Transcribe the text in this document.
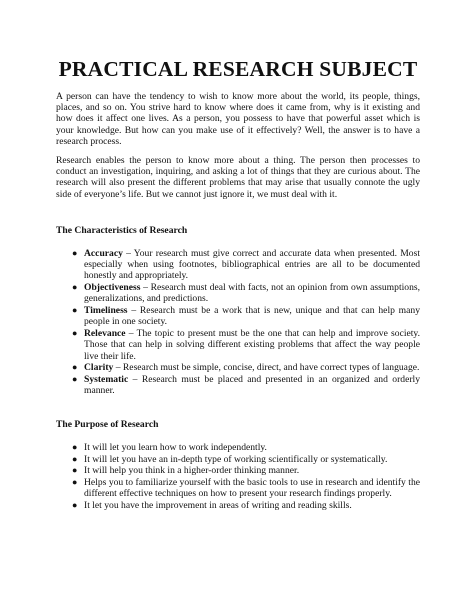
PRACTICAL RESEARCH SUBJECT

A person can have the tendency to wish to know more about the world, its people, things, places, and so on. You strive hard to know where does it came from, why is it existing and how does it affect one lives. As a person, you possess to have that powerful asset which is your knowledge. But how can you make use of it effectively? Well, the answer is to have a research process.

Research enables the person to know more about a thing. The person then processes to conduct an investigation, inquiring, and asking a lot of things that they are curious about. The research will also present the different problems that may arise that usually connote the ugly side of everyone’s life. But we cannot just ignore it, we must deal with it.

The Characteristics of Research
● Accuracy – Your research must give correct and accurate data when presented. Most especially when using footnotes, bibliographical entries are all to be documented honestly and appropriately.
● Objectiveness – Research must deal with facts, not an opinion from own assumptions, generalizations, and predictions.
● Timeliness – Research must be a work that is new, unique and that can help many people in one society.
● Relevance – The topic to present must be the one that can help and improve society. Those that can help in solving different existing problems that affect the way people live their life.
● Clarity – Research must be simple, concise, direct, and have correct types of language.
● Systematic – Research must be placed and presented in an organized and orderly manner.
The Purpose of Research
● It will let you learn how to work independently.
● It will let you have an in-depth type of working scientifically or systematically.
● It will help you think in a higher-order thinking manner.
● Helps you to familiarize yourself with the basic tools to use in research and identify the different effective techniques on how to present your research findings properly.
● It let you have the improvement in areas of writing and reading skills.
